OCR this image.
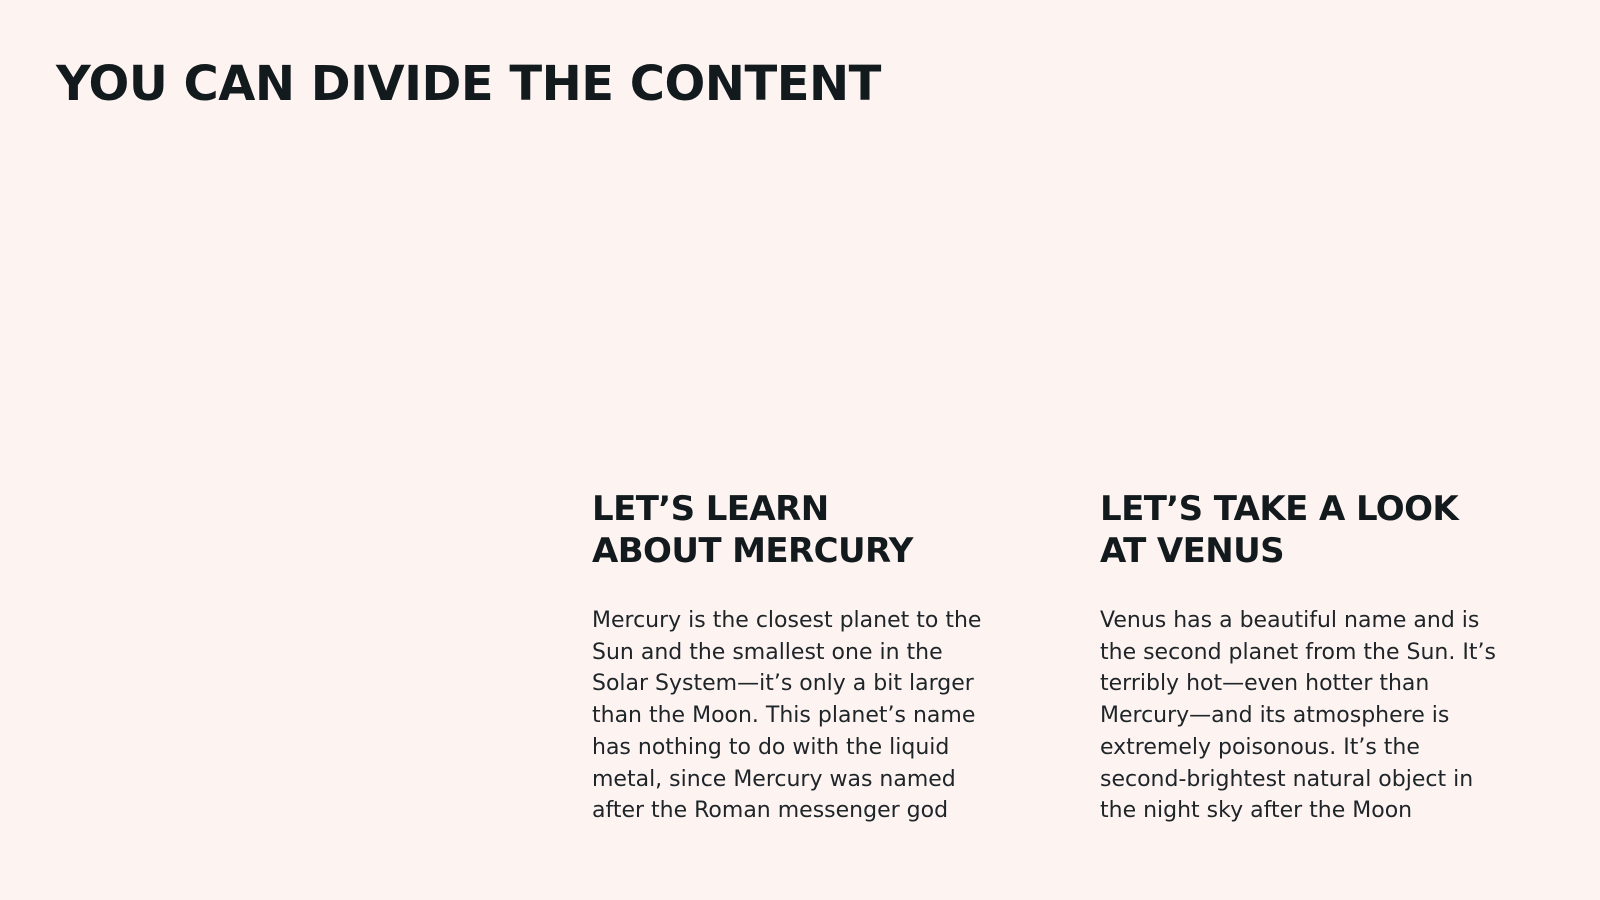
YOU CAN DIVIDE THE CONTENT
LET’S LEARN
ABOUT MERCURY

Mercury is the closest planet to the
Sun and the smallest one in the
Solar System—it’s only a bit larger
than the Moon. This planet’s name
has nothing to do with the liquid
metal, since Mercury was named
after the Roman messenger god

LET’S TAKE A LOOK
AT VENUS

Venus has a beautiful name and is
the second planet from the Sun. It’s
terribly hot—even hotter than
Mercury—and its atmosphere is
extremely poisonous. It’s the
second-brightest natural object in
the night sky after the Moon
